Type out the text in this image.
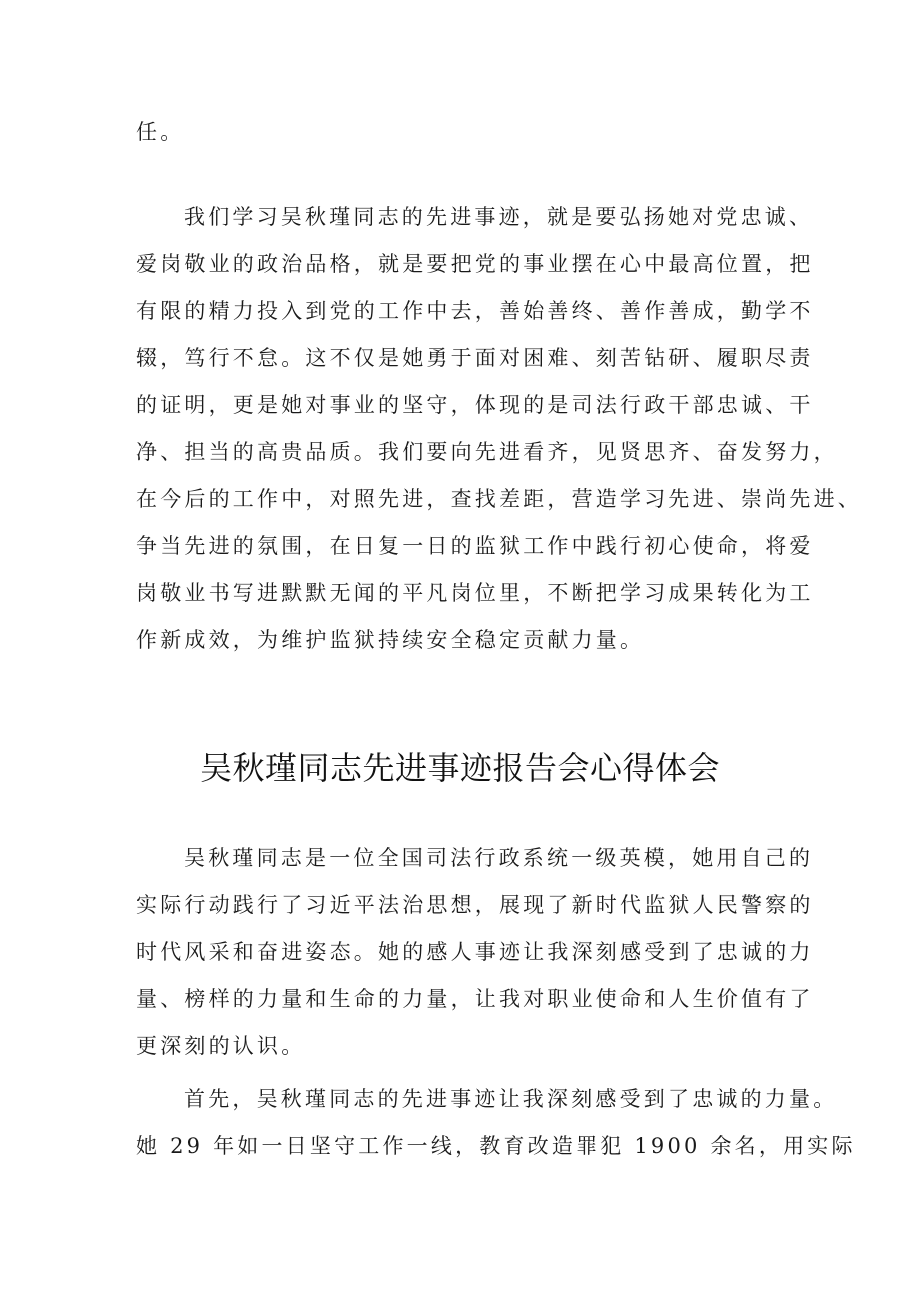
任。

我们学习吴秋瑾同志的先进事迹，就是要弘扬她对党忠诚、

爱岗敬业的政治品格，就是要把党的事业摆在心中最高位置，把

有限的精力投入到党的工作中去，善始善终、善作善成，勤学不

辍，笃行不怠。这不仅是她勇于面对困难、刻苦钻研、履职尽责

的证明，更是她对事业的坚守，体现的是司法行政干部忠诚、干

净、担当的高贵品质。我们要向先进看齐，见贤思齐、奋发努力，

在今后的工作中，对照先进，查找差距，营造学习先进、崇尚先进、

争当先进的氛围，在日复一日的监狱工作中践行初心使命，将爱

岗敬业书写进默默无闻的平凡岗位里，不断把学习成果转化为工

作新成效，为维护监狱持续安全稳定贡献力量。

吴秋瑾同志先进事迹报告会心得体会

吴秋瑾同志是一位全国司法行政系统一级英模，她用自己的

实际行动践行了习近平法治思想，展现了新时代监狱人民警察的

时代风采和奋进姿态。她的感人事迹让我深刻感受到了忠诚的力

量、榜样的力量和生命的力量，让我对职业使命和人生价值有了

更深刻的认识。

首先，吴秋瑾同志的先进事迹让我深刻感受到了忠诚的力量。

她 29 年如一日坚守工作一线，教育改造罪犯 1900 余名，用实际
